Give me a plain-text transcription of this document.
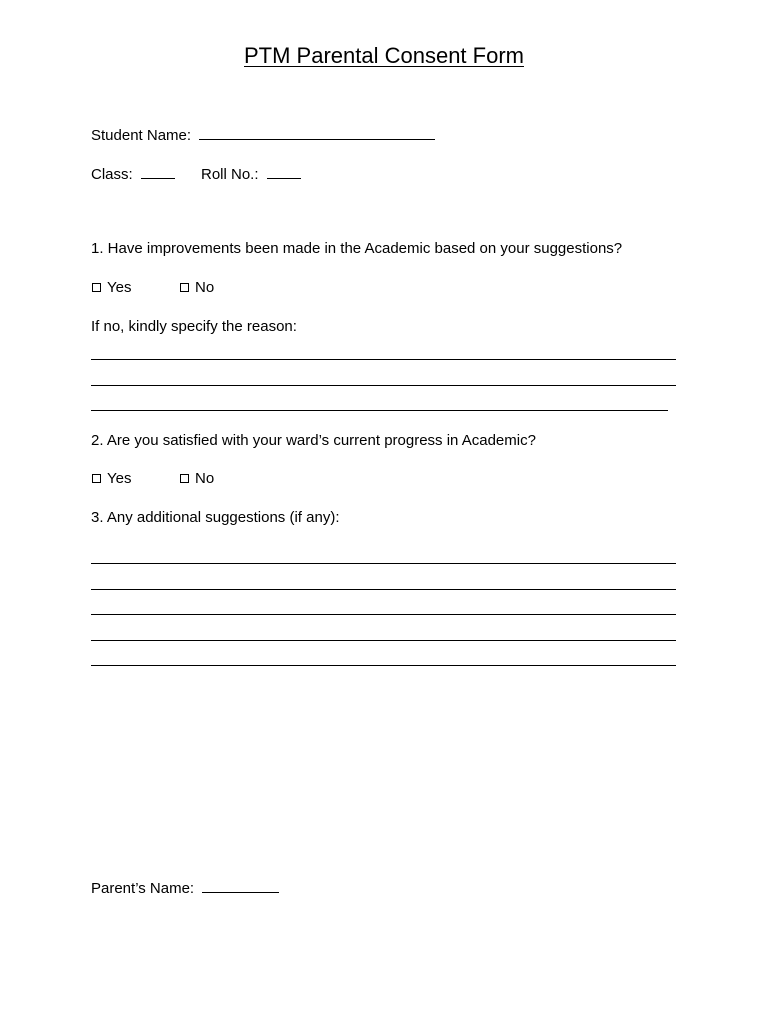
PTM Parental Consent Form
Student Name:
Class:	Roll No.:
1. Have improvements been made in the Academic based on your suggestions?
Yes	No
If no, kindly specify the reason:
2. Are you satisfied with your ward’s current progress in Academic?
Yes	No
3. Any additional suggestions (if any):
Parent’s Name:
